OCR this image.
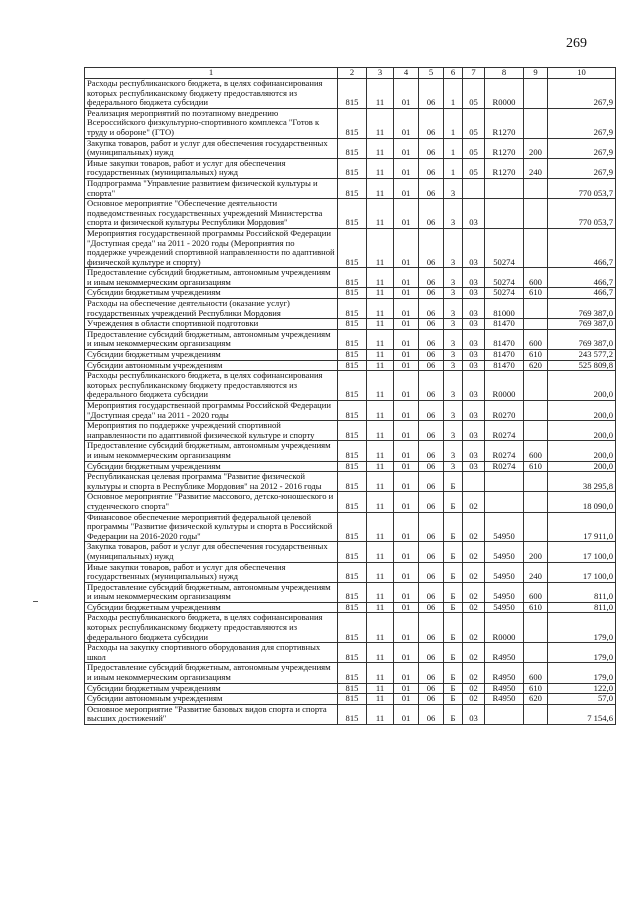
269
1	2	3	4	5	6	7	8	9	10
Расходы республиканского бюджета, в целях софинансирования которых республиканскому бюджету предоставляются из федерального бюджета субсидии	815	11	01	06	1	05	R0000		267,9
Реализация мероприятий по поэтапному внедрению Всероссийского физкультурно-спортивного комплекса "Готов к труду и обороне" (ГТО)	815	11	01	06	1	05	R1270		267,9
Закупка товаров, работ и услуг для обеспечения государственных (муниципальных) нужд	815	11	01	06	1	05	R1270	200	267,9
Иные закупки товаров, работ и услуг для обеспечения государственных (муниципальных) нужд	815	11	01	06	1	05	R1270	240	267,9
Подпрограмма "Управление развитием физической культуры и спорта"	815	11	01	06	3				770 053,7
Основное мероприятие "Обеспечение деятельности подведомственных государственных учреждений Министерства спорта и физической культуры Республики Мордовия"	815	11	01	06	3	03			770 053,7
Мероприятия государственной программы Российской Федерации "Доступная среда" на 2011 - 2020 годы (Мероприятия по поддержке учреждений спортивной направленности по адаптивной физической культуре и спорту)	815	11	01	06	3	03	50274		466,7
Предоставление субсидий бюджетным, автономным учреждениям и иным некоммерческим организациям	815	11	01	06	3	03	50274	600	466,7
Субсидии бюджетным учреждениям	815	11	01	06	3	03	50274	610	466,7
Расходы на обеспечение деятельности (оказание услуг) государственных учреждений Республики Мордовия	815	11	01	06	3	03	81000		769 387,0
Учреждения в области спортивной подготовки	815	11	01	06	3	03	81470		769 387,0
Предоставление субсидий бюджетным, автономным учреждениям и иным некоммерческим организациям	815	11	01	06	3	03	81470	600	769 387,0
Субсидии бюджетным учреждениям	815	11	01	06	3	03	81470	610	243 577,2
Субсидии автономным учреждениям	815	11	01	06	3	03	81470	620	525 809,8
Расходы республиканского бюджета, в целях софинансирования которых республиканскому бюджету предоставляются из федерального бюджета субсидии	815	11	01	06	3	03	R0000		200,0
Мероприятия государственной программы Российской Федерации "Доступная среда" на 2011 - 2020 годы	815	11	01	06	3	03	R0270		200,0
Мероприятия по поддержке учреждений спортивной направленности по адаптивной физической культуре и спорту	815	11	01	06	3	03	R0274		200,0
Предоставление субсидий бюджетным, автономным учреждениям и иным некоммерческим организациям	815	11	01	06	3	03	R0274	600	200,0
Субсидии бюджетным учреждениям	815	11	01	06	3	03	R0274	610	200,0
Республиканская целевая программа "Развитие физической культуры и спорта в Республике Мордовия" на 2012 - 2016 годы	815	11	01	06	Б				38 295,8
Основное мероприятие "Развитие массового, детско-юношеского и студенческого спорта"	815	11	01	06	Б	02			18 090,0
Финансовое обеспечение мероприятий федеральной целевой программы "Развитие физической культуры и спорта в Российской Федерации на 2016-2020 годы"	815	11	01	06	Б	02	54950		17 911,0
Закупка товаров, работ и услуг для обеспечения государственных (муниципальных) нужд	815	11	01	06	Б	02	54950	200	17 100,0
Иные закупки товаров, работ и услуг для обеспечения государственных (муниципальных) нужд	815	11	01	06	Б	02	54950	240	17 100,0
Предоставление субсидий бюджетным, автономным учреждениям и иным некоммерческим организациям	815	11	01	06	Б	02	54950	600	811,0
Субсидии бюджетным учреждениям	815	11	01	06	Б	02	54950	610	811,0
Расходы республиканского бюджета, в целях софинансирования которых республиканскому бюджету предоставляются из федерального бюджета субсидии	815	11	01	06	Б	02	R0000		179,0
Расходы на закупку спортивного оборудования для спортивных школ	815	11	01	06	Б	02	R4950		179,0
Предоставление субсидий бюджетным, автономным учреждениям и иным некоммерческим организациям	815	11	01	06	Б	02	R4950	600	179,0
Субсидии бюджетным учреждениям	815	11	01	06	Б	02	R4950	610	122,0
Субсидии автономным учреждениям	815	11	01	06	Б	02	R4950	620	57,0
Основное мероприятие "Развитие базовых видов спорта и спорта высших достижений"	815	11	01	06	Б	03			7 154,6
